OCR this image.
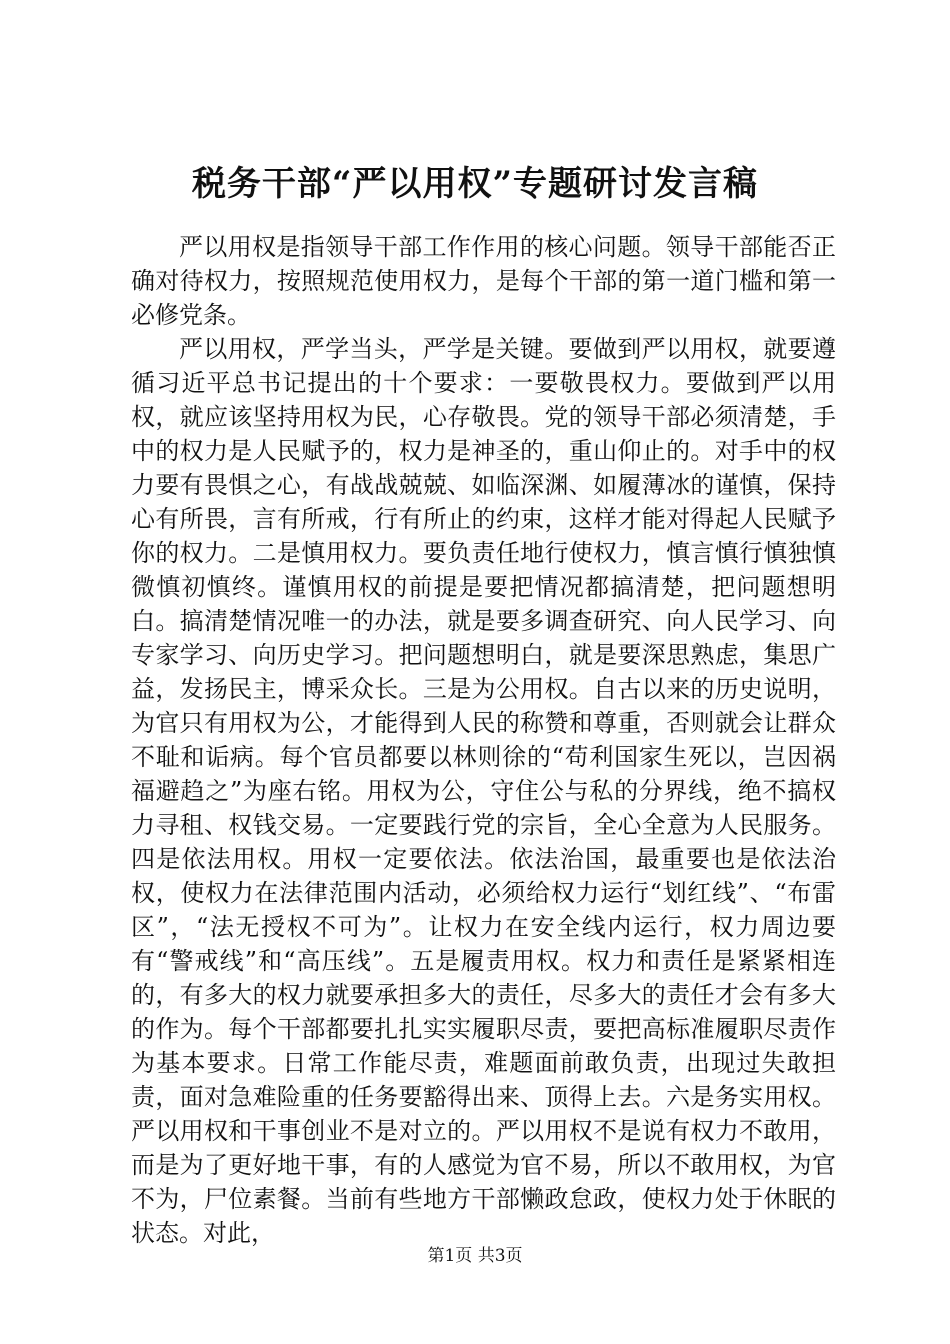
税务干部“严以用权”专题研讨发言稿

严以用权是指领导干部工作作用的核心问题。领导干部能否正确对待权力，按照规范使用权力，是每个干部的第一道门槛和第一必修党条。

严以用权，严学当头，严学是关键。要做到严以用权，就要遵循习近平总书记提出的十个要求：一要敬畏权力。要做到严以用权，就应该坚持用权为民，心存敬畏。党的领导干部必须清楚，手中的权力是人民赋予的，权力是神圣的，重山仰止的。对手中的权力要有畏惧之心，有战战兢兢、如临深渊、如履薄冰的谨慎，保持心有所畏，言有所戒，行有所止的约束，这样才能对得起人民赋予你的权力。二是慎用权力。要负责任地行使权力，慎言慎行慎独慎微慎初慎终。谨慎用权的前提是要把情况都搞清楚，把问题想明白。搞清楚情况唯一的办法，就是要多调查研究、向人民学习、向专家学习、向历史学习。把问题想明白，就是要深思熟虑，集思广益，发扬民主，博采众长。三是为公用权。自古以来的历史说明，为官只有用权为公，才能得到人民的称赞和尊重，否则就会让群众不耻和诟病。每个官员都要以林则徐的“苟利国家生死以，岂因祸福避趋之”为座右铭。用权为公，守住公与私的分界线，绝不搞权力寻租、权钱交易。一定要践行党的宗旨，全心全意为人民服务。四是依法用权。用权一定要依法。依法治国，最重要也是依法治权，使权力在法律范围内活动，必须给权力运行“划红线”、“布雷区”，“法无授权不可为”。让权力在安全线内运行，权力周边要有“警戒线”和“高压线”。五是履责用权。权力和责任是紧紧相连的，有多大的权力就要承担多大的责任，尽多大的责任才会有多大的作为。每个干部都要扎扎实实履职尽责，要把高标准履职尽责作为基本要求。日常工作能尽责，难题面前敢负责，出现过失敢担责，面对急难险重的任务要豁得出来、顶得上去。六是务实用权。严以用权和干事创业不是对立的。严以用权不是说有权力不敢用，而是为了更好地干事，有的人感觉为官不易，所以不敢用权，为官不为，尸位素餐。当前有些地方干部懒政怠政，使权力处于休眠的状态。对此，

第1页 共3页
